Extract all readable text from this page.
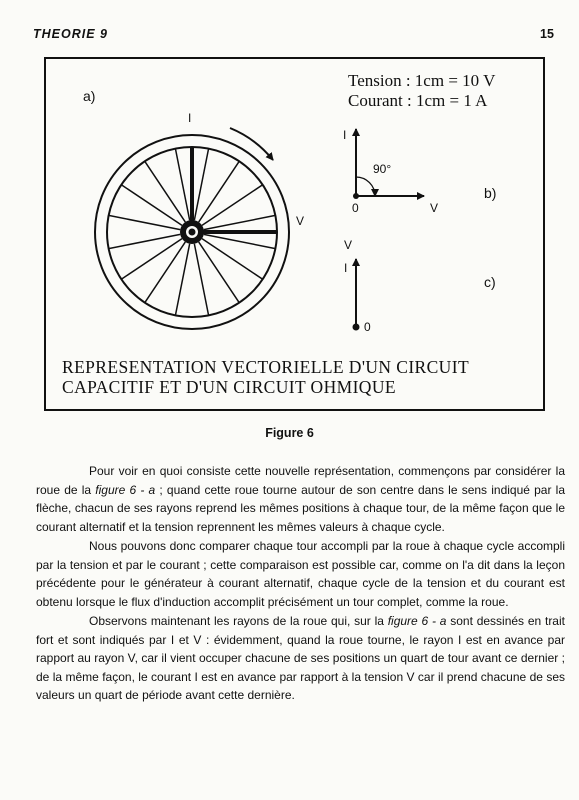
THEORIE 9	15
Tension : 1cm = 10 V
Courant : 1cm = 1 A
a)
I
V
I
90°
0	V
b)
V
I
0
c)
REPRESENTATION VECTORIELLE D'UN CIRCUIT
CAPACITIF ET D'UN CIRCUIT OHMIQUE
Figure 6

Pour voir en quoi consiste cette nouvelle représentation, commençons par considérer la roue de la figure 6 - a ; quand cette roue tourne autour de son centre dans le sens indiqué par la flèche, chacun de ses rayons reprend les mêmes positions à chaque tour, de la même façon que le courant alternatif et la tension reprennent les mêmes valeurs à chaque cycle.

Nous pouvons donc comparer chaque tour accompli par la roue à chaque cycle accompli par la tension et par le courant ; cette comparaison est possible car, comme on l'a dit dans la leçon précédente pour le générateur à courant alternatif, chaque cycle de la tension et du courant est obtenu lorsque le flux d'induction accomplit précisément un tour complet, comme la roue.

Observons maintenant les rayons de la roue qui, sur la figure 6 - a sont dessinés en trait fort et sont indiqués par I et V : évidemment, quand la roue tourne, le rayon I est en avance par rapport au rayon V, car il vient occuper chacune de ses positions un quart de tour avant ce dernier ; de la même façon, le courant I est en avance par rapport à la tension V car il prend chacune de ses valeurs un quart de période avant cette dernière.
